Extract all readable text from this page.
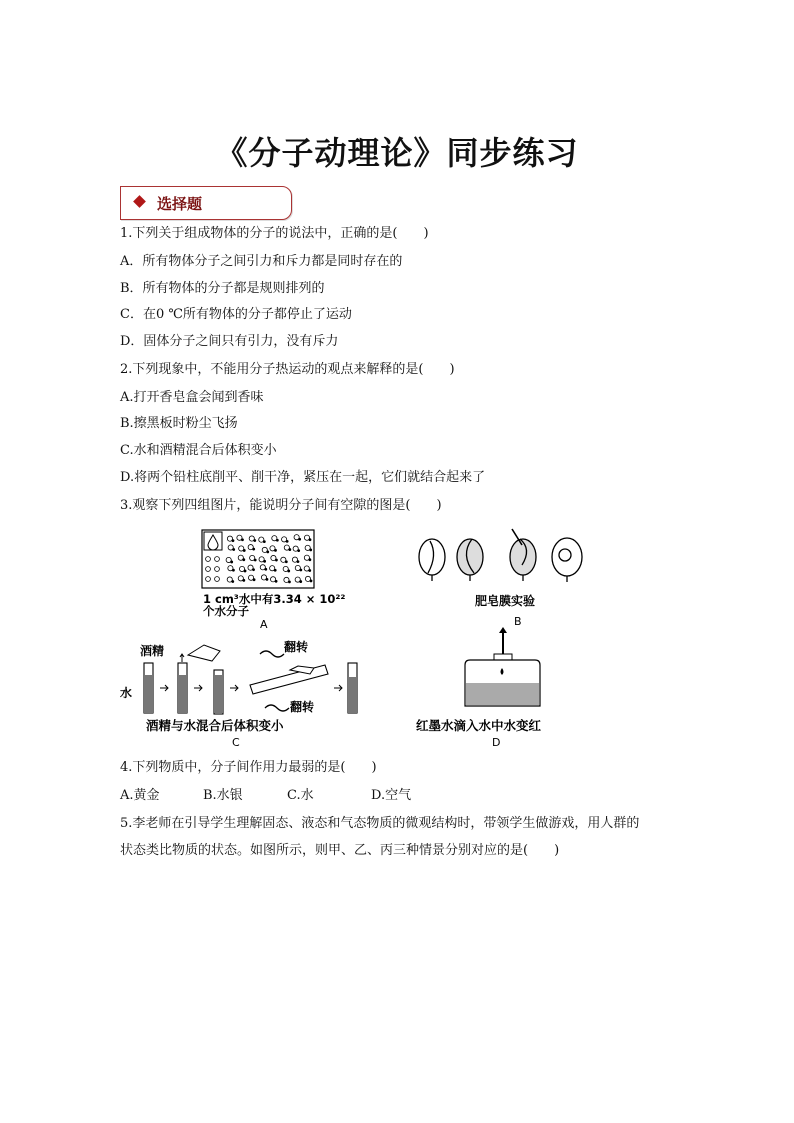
《分子动理论》同步练习
选择题
1.下列关于组成物体的分子的说法中，正确的是(　　)
A．所有物体分子之间引力和斥力都是同时存在的
B．所有物体的分子都是规则排列的
C．在0 ℃所有物体的分子都停止了运动
D．固体分子之间只有引力，没有斥力
2.下列现象中，不能用分子热运动的观点来解释的是(　　)
A.打开香皂盒会闻到香味
B.擦黑板时粉尘飞扬
C.水和酒精混合后体积变小
D.将两个铅柱底削平、削干净，紧压在一起，它们就结合起来了
3.观察下列四组图片，能说明分子间有空隙的图是(　　)
1 cm³水中有3.34 × 10²²
个水分子
A
肥皂膜实验
B
酒精
水
翻转
翻转
酒精与水混合后体积变小
C
红墨水滴入水中水变红
D
4.下列物质中，分子间作用力最弱的是(　　)
A.黄金	B.水银	C.水	D.空气
5.李老师在引导学生理解固态、液态和气态物质的微观结构时，带领学生做游戏，用人群的
状态类比物质的状态。如图所示，则甲、乙、丙三种情景分别对应的是(　　)
